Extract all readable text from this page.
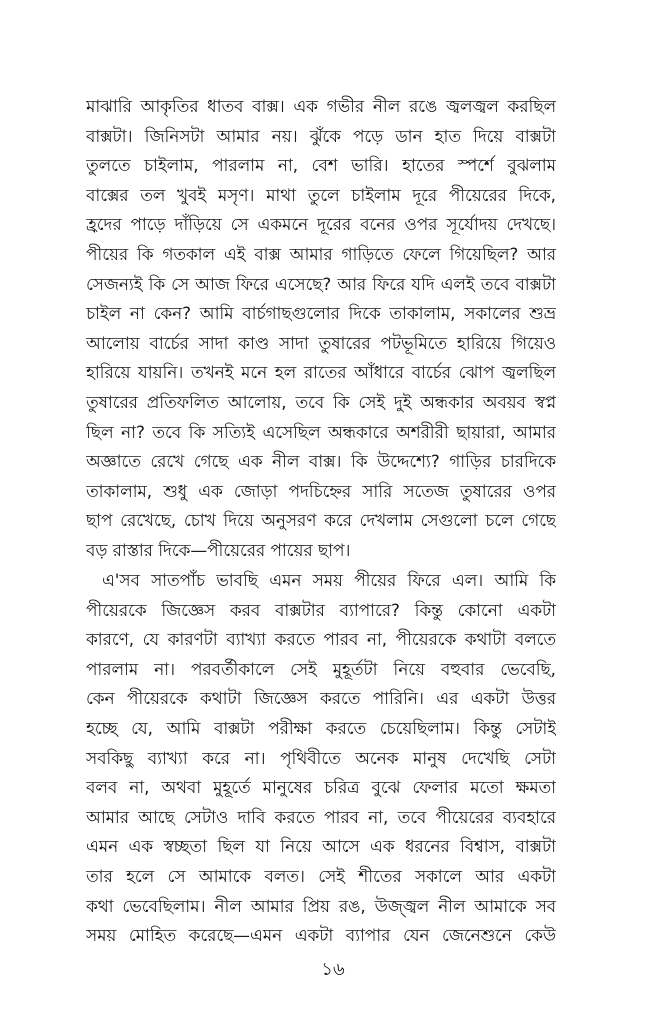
মাঝারি আকৃতির ধাতব বাক্স। এক গভীর নীল রঙে জ্বলজ্বল করছিল
বাক্সটা। জিনিসটা আমার নয়। ঝুঁকে পড়ে ডান হাত দিয়ে বাক্সটা
তুলতে চাইলাম, পারলাম না, বেশ ভারি। হাতের স্পর্শে বুঝলাম
বাক্সের তল খুবই মসৃণ। মাথা তুলে চাইলাম দূরে পীয়েরের দিকে,
হ্রদের পাড়ে দাঁড়িয়ে সে একমনে দূরের বনের ওপর সূর্যোদয় দেখছে।
পীয়ের কি গতকাল এই বাক্স আমার গাড়িতে ফেলে গিয়েছিল? আর
সেজন্যই কি সে আজ ফিরে এসেছে? আর ফিরে যদি এলই তবে বাক্সটা
চাইল না কেন? আমি বার্চগাছগুলোর দিকে তাকালাম, সকালের শুভ্র
আলোয় বার্চের সাদা কাণ্ড সাদা তুষারের পটভূমিতে হারিয়ে গিয়েও
হারিয়ে যায়নি। তখনই মনে হল রাতের আঁধারে বার্চের ঝোপ জ্বলছিল
তুষারের প্রতিফলিত আলোয়, তবে কি সেই দুই অন্ধকার অবয়ব স্বপ্ন
ছিল না? তবে কি সত্যিই এসেছিল অন্ধকারে অশরীরী ছায়ারা, আমার
অজ্ঞাতে রেখে গেছে এক নীল বাক্স। কি উদ্দেশ্যে? গাড়ির চারদিকে
তাকালাম, শুধু এক জোড়া পদচিহ্নের সারি সতেজ তুষারের ওপর
ছাপ রেখেছে, চোখ দিয়ে অনুসরণ করে দেখলাম সেগুলো চলে গেছে
বড় রাস্তার দিকে—পীয়েরের পায়ের ছাপ।
এ'সব সাতপাঁচ ভাবছি এমন সময় পীয়ের ফিরে এল। আমি কি
পীয়েরকে জিজ্ঞেস করব বাক্সটার ব্যাপারে? কিন্তু কোনো একটা
কারণে, যে কারণটা ব্যাখ্যা করতে পারব না, পীয়েরকে কথাটা বলতে
পারলাম না। পরবর্তীকালে সেই মুহূর্তটা নিয়ে বহুবার ভেবেছি,
কেন পীয়েরকে কথাটা জিজ্ঞেস করতে পারিনি। এর একটা উত্তর
হচ্ছে যে, আমি বাক্সটা পরীক্ষা করতে চেয়েছিলাম। কিন্তু সেটাই
সবকিছু ব্যাখ্যা করে না। পৃথিবীতে অনেক মানুষ দেখেছি সেটা
বলব না, অথবা মুহূর্তে মানুষের চরিত্র বুঝে ফেলার মতো ক্ষমতা
আমার আছে সেটাও দাবি করতে পারব না, তবে পীয়েরের ব্যবহারে
এমন এক স্বচ্ছতা ছিল যা নিয়ে আসে এক ধরনের বিশ্বাস, বাক্সটা
তার হলে সে আমাকে বলত। সেই শীতের সকালে আর একটা
কথা ভেবেছিলাম। নীল আমার প্রিয় রঙ, উজ্জ্বল নীল আমাকে সব
সময় মোহিত করেছে—এমন একটা ব্যাপার যেন জেনেশুনে কেউ
১৬
